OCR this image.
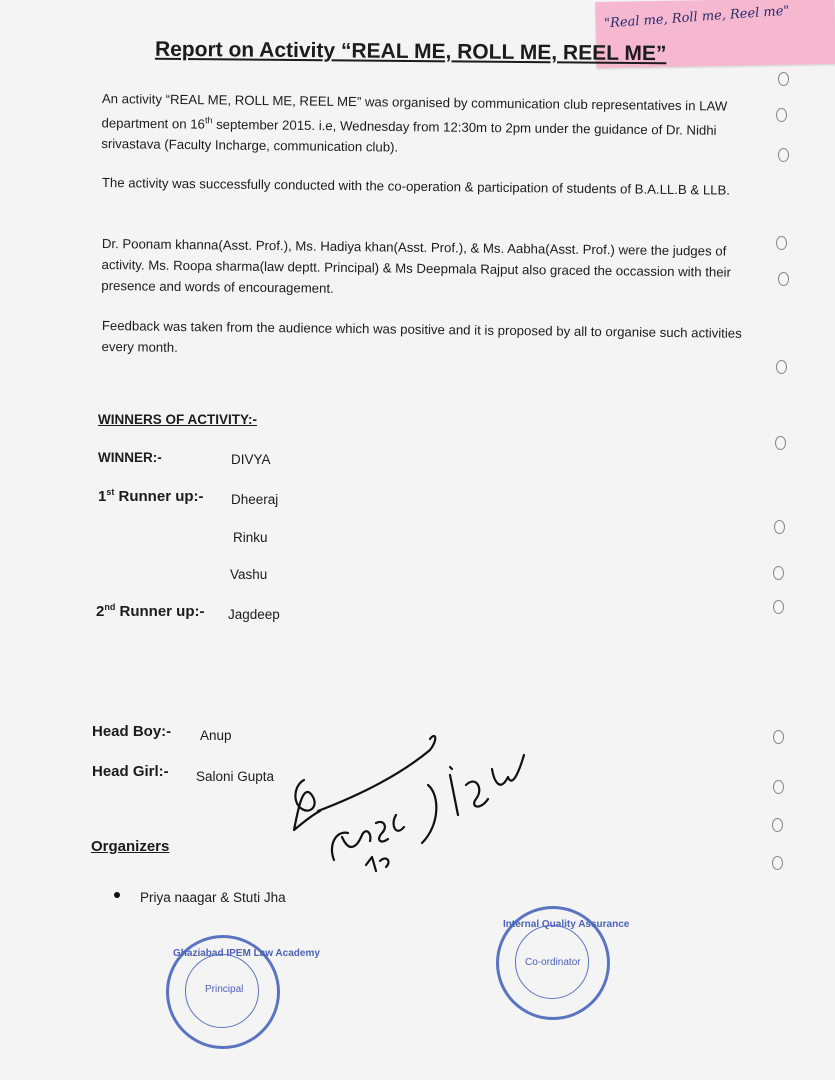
"Real me, Roll me, Reel me"
Report on Activity “REAL ME, ROLL ME, REEL ME”
An activity “REAL ME, ROLL ME, REEL ME” was organised by communication club representatives in LAW department on 16th september 2015. i.e, Wednesday from 12:30m to 2pm under the guidance of Dr. Nidhi srivastava (Faculty Incharge, communication club).
The activity was successfully conducted with the co-operation & participation of students of B.A.LL.B & LLB.
Dr. Poonam khanna(Asst. Prof.), Ms. Hadiya khan(Asst. Prof.), & Ms. Aabha(Asst. Prof.) were the judges of activity. Ms. Roopa sharma(law deptt. Principal) & Ms Deepmala Rajput also graced the occassion with their presence and words of encouragement.
Feedback was taken from the audience which was positive and it is proposed by all to organise such activities every month.
WINNERS OF ACTIVITY:-
WINNER:-	DIVYA
1st Runner up:- Dheeraj
Rinku
Vashu
2nd Runner up:- Jagdeep
Head Boy:- Anup
Head Girl:- Saloni Gupta
Organizers
Priya naagar & Stuti Jha
Ghaziabad IPEM Law Academy
Principal
Internal Quality Assurance
Co-ordinator
